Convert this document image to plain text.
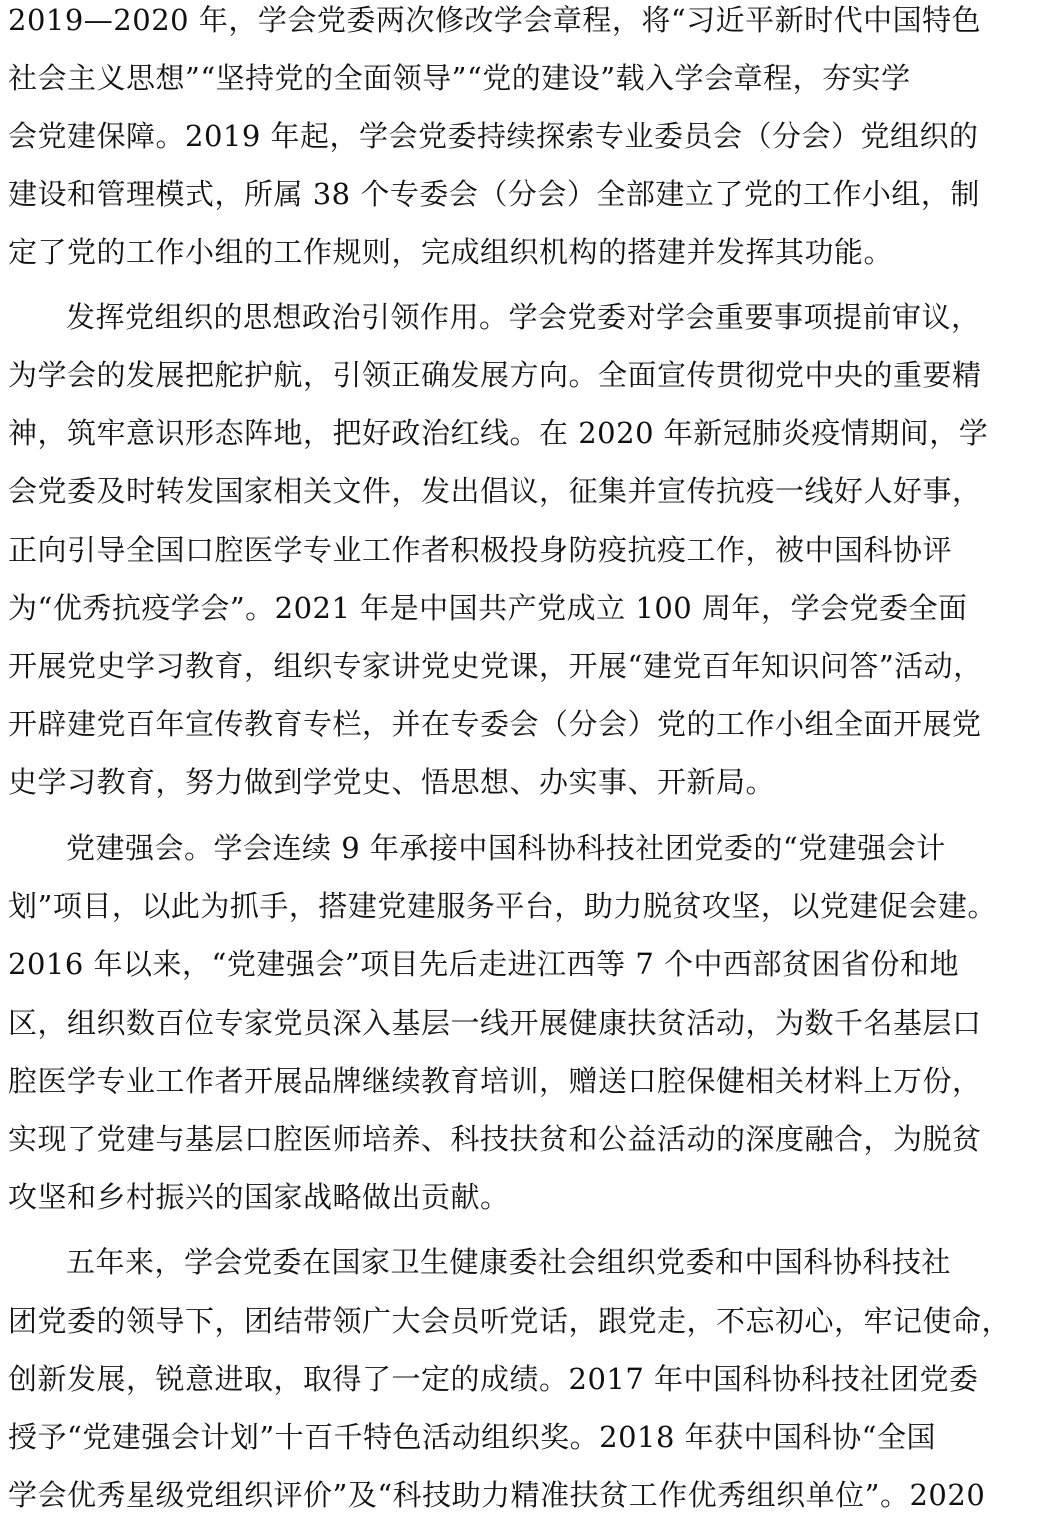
2019—2020 年，学会党委两次修改学会章程，将“习近平新时代中国特色
社会主义思想”“坚持党的全面领导”“党的建设”载入学会章程，夯实学
会党建保障。2019 年起，学会党委持续探索专业委员会（分会）党组织的
建设和管理模式，所属 38 个专委会（分会）全部建立了党的工作小组，制
定了党的工作小组的工作规则，完成组织机构的搭建并发挥其功能。
发挥党组织的思想政治引领作用。学会党委对学会重要事项提前审议，
为学会的发展把舵护航，引领正确发展方向。全面宣传贯彻党中央的重要精
神，筑牢意识形态阵地，把好政治红线。在 2020 年新冠肺炎疫情期间，学
会党委及时转发国家相关文件，发出倡议，征集并宣传抗疫一线好人好事，
正向引导全国口腔医学专业工作者积极投身防疫抗疫工作，被中国科协评
为“优秀抗疫学会”。2021 年是中国共产党成立 100 周年，学会党委全面
开展党史学习教育，组织专家讲党史党课，开展“建党百年知识问答”活动，
开辟建党百年宣传教育专栏，并在专委会（分会）党的工作小组全面开展党
史学习教育，努力做到学党史、悟思想、办实事、开新局。
党建强会。学会连续 9 年承接中国科协科技社团党委的“党建强会计
划”项目，以此为抓手，搭建党建服务平台，助力脱贫攻坚，以党建促会建。
2016 年以来，“党建强会”项目先后走进江西等 7 个中西部贫困省份和地
区，组织数百位专家党员深入基层一线开展健康扶贫活动，为数千名基层口
腔医学专业工作者开展品牌继续教育培训，赠送口腔保健相关材料上万份，
实现了党建与基层口腔医师培养、科技扶贫和公益活动的深度融合，为脱贫
攻坚和乡村振兴的国家战略做出贡献。
五年来，学会党委在国家卫生健康委社会组织党委和中国科协科技社
团党委的领导下，团结带领广大会员听党话，跟党走，不忘初心，牢记使命，
创新发展，锐意进取，取得了一定的成绩。2017 年中国科协科技社团党委
授予“党建强会计划”十百千特色活动组织奖。2018 年获中国科协“全国
学会优秀星级党组织评价”及“科技助力精准扶贫工作优秀组织单位”。2020
